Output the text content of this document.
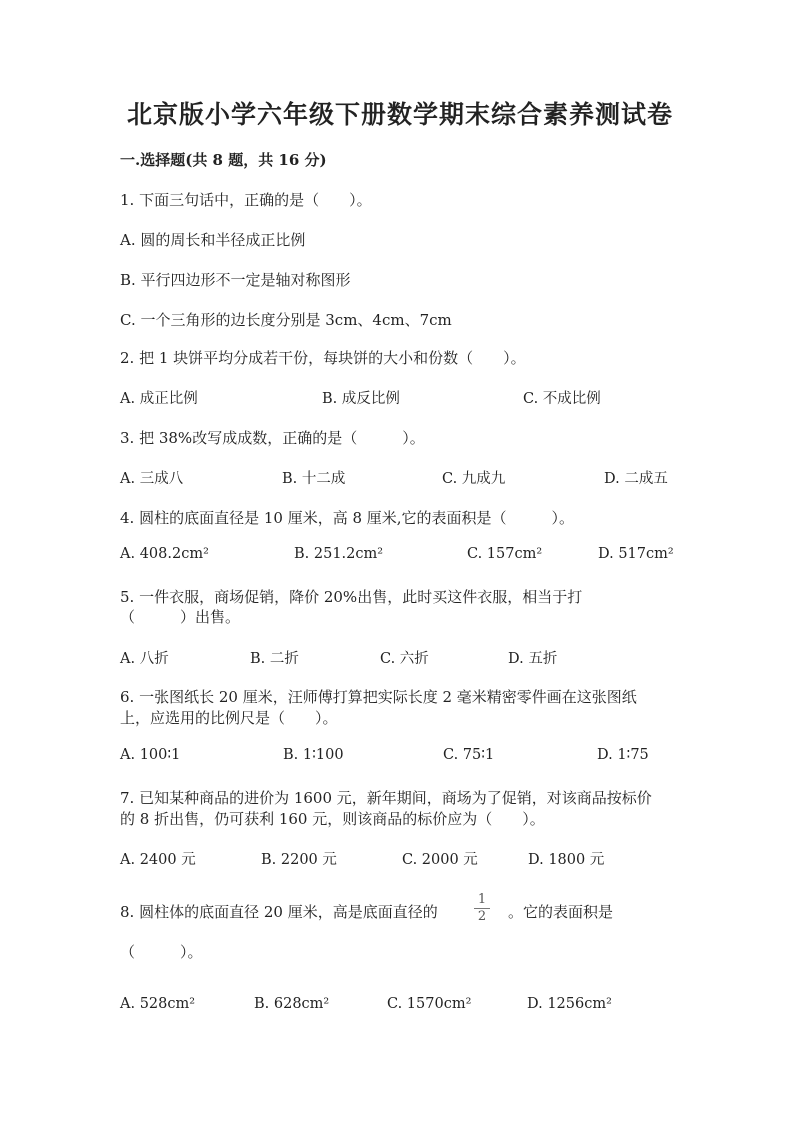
北京版小学六年级下册数学期末综合素养测试卷
一.选择题(共 8 题，共 16 分)
1. 下面三句话中，正确的是（　　）。
A. 圆的周长和半径成正比例
B. 平行四边形不一定是轴对称图形
C. 一个三角形的边长度分别是 3cm、4cm、7cm
2. 把 1 块饼平均分成若干份，每块饼的大小和份数（　　）。
A. 成正比例	B. 成反比例	C. 不成比例
3. 把 38%改写成成数，正确的是（　　　）。
A. 三成八	B. 十二成	C. 九成九	D. 二成五
4. 圆柱的底面直径是 10 厘米，高 8 厘米,它的表面积是（　　　）。
A. 408.2cm²	B. 251.2cm²	C. 157cm²	D. 517cm²
5. 一件衣服，商场促销，降价 20%出售，此时买这件衣服，相当于打
（　　　）出售。
A. 八折	B. 二折	C. 六折	D. 五折
6. 一张图纸长 20 厘米，汪师傅打算把实际长度 2 毫米精密零件画在这张图纸
上，应选用的比例尺是（　　）。
A. 100∶1	B. 1∶100	C. 75∶1	D. 1∶75
7. 已知某种商品的进价为 1600 元，新年期间，商场为了促销，对该商品按标价
的 8 折出售，仍可获利 160 元，则该商品的标价应为（　　）。
A. 2400 元	B. 2200 元	C. 2000 元	D. 1800 元
8. 圆柱体的底面直径 20 厘米，高是底面直径的
1
2	。它的表面积是
（　　　）。
A. 528cm²	B. 628cm²	C. 1570cm²	D. 1256cm²
